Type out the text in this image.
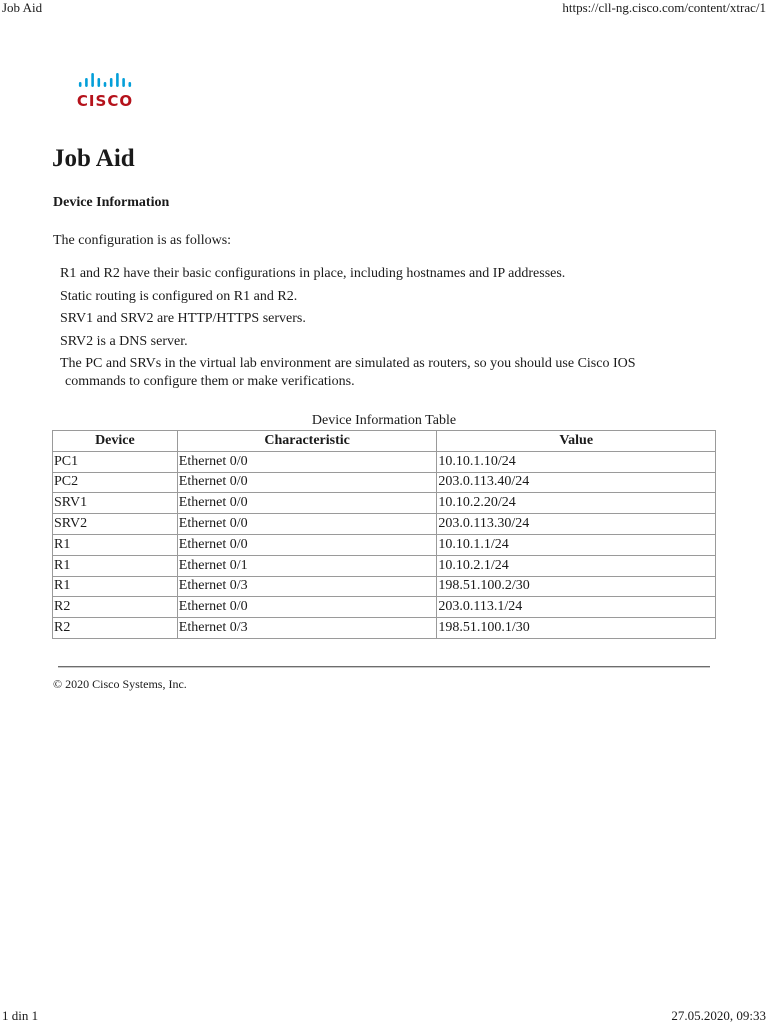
Job Aid	https://cll-ng.cisco.com/content/xtrac/1
CISCO
Job Aid
Device Information

The configuration is as follows:

R1 and R2 have their basic configurations in place, including hostnames and IP addresses.
Static routing is configured on R1 and R2.
SRV1 and SRV2 are HTTP/HTTPS servers.
SRV2 is a DNS server.
The PC and SRVs in the virtual lab environment are simulated as routers, so you should use Cisco IOS
commands to configure them or make verifications.
Device Information Table
Device	Characteristic	Value
PC1	Ethernet 0/0	10.10.1.10/24
PC2	Ethernet 0/0	203.0.113.40/24
SRV1	Ethernet 0/0	10.10.2.20/24
SRV2	Ethernet 0/0	203.0.113.30/24
R1	Ethernet 0/0	10.10.1.1/24
R1	Ethernet 0/1	10.10.2.1/24
R1	Ethernet 0/3	198.51.100.2/30
R2	Ethernet 0/0	203.0.113.1/24
R2	Ethernet 0/3	198.51.100.1/30
© 2020 Cisco Systems, Inc.
1 din 1	27.05.2020, 09:33
